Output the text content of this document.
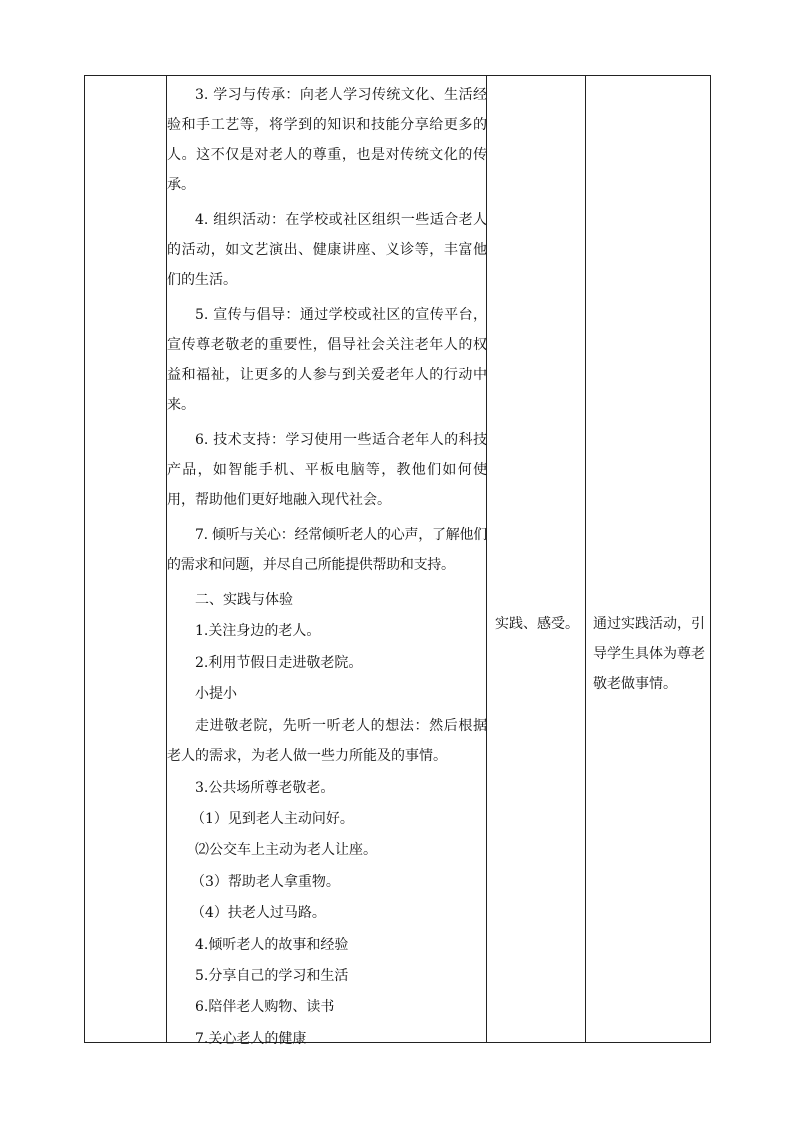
3. 学习与传承：向老人学习传统文化、生活经验和手工艺等，将学到的知识和技能分享给更多的人。这不仅是对老人的尊重，也是对传统文化的传承。

4. 组织活动：在学校或社区组织一些适合老人的活动，如文艺演出、健康讲座、义诊等，丰富他们的生活。

5. 宣传与倡导：通过学校或社区的宣传平台，宣传尊老敬老的重要性，倡导社会关注老年人的权益和福祉，让更多的人参与到关爱老年人的行动中来。

6. 技术支持：学习使用一些适合老年人的科技产品，如智能手机、平板电脑等，教他们如何使用，帮助他们更好地融入现代社会。

7. 倾听与关心：经常倾听老人的心声，了解他们的需求和问题，并尽自己所能提供帮助和支持。

二、实践与体验
1.关注身边的老人。
2.利用节假日走进敬老院。
小提小

走进敬老院，先听一听老人的想法：然后根据老人的需求，为老人做一些力所能及的事情。

3.公共场所尊老敬老。
（1）见到老人主动问好。
⑵公交车上主动为老人让座。
（3）帮助老人拿重物。
（4）扶老人过马路。
4.倾听老人的故事和经验
5.分享自己的学习和生活
6.陪伴老人购物、读书
7.关心老人的健康
实践、感受。 通过实践活动，引导学生具体为尊老敬老做事情。
